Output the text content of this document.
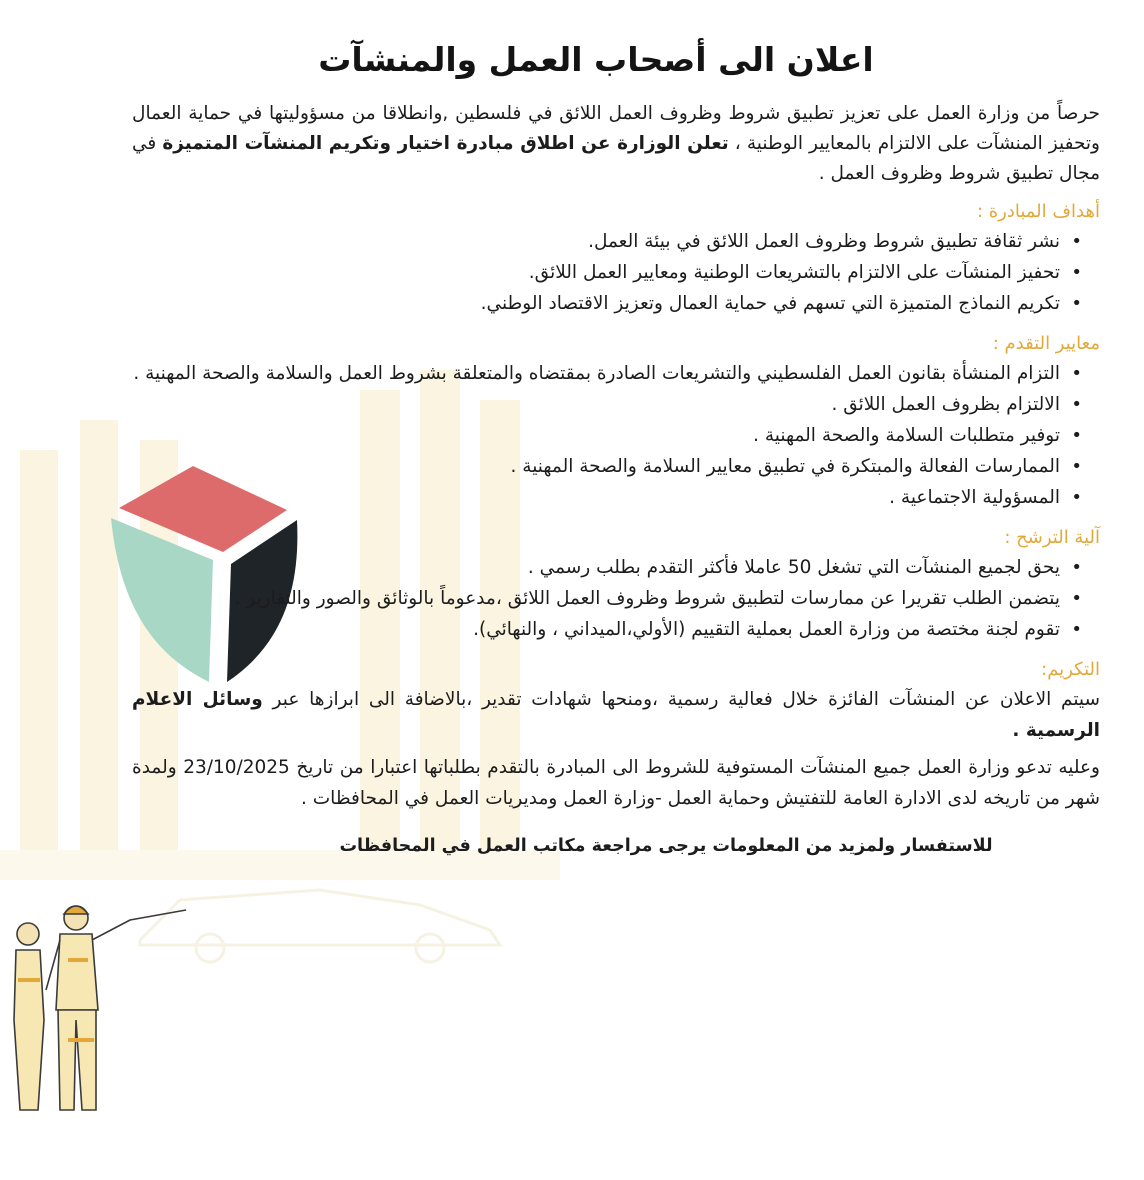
اعلان الى أصحاب العمل والمنشآت

حرصاً من وزارة العمل على تعزيز تطبيق شروط وظروف العمل اللائق في فلسطين ,وانطلاقا من مسؤوليتها في حماية العمال وتحفيز المنشآت على الالتزام بالمعايير الوطنية ، تعلن الوزارة عن اطلاق مبادرة اختيار وتكريم المنشآت المتميزة في مجال تطبيق شروط وظروف العمل .

أهداف المبادرة :
• نشر ثقافة تطبيق شروط وظروف العمل اللائق في بيئة العمل.
• تحفيز المنشآت على الالتزام بالتشريعات الوطنية ومعايير العمل اللائق.
• تكريم النماذج المتميزة التي تسهم في حماية العمال وتعزيز الاقتصاد الوطني.
معايير التقدم :
• التزام المنشأة بقانون العمل الفلسطيني والتشريعات الصادرة بمقتضاه والمتعلقة بشروط العمل والسلامة والصحة المهنية .
• الالتزام بظروف العمل اللائق .
• توفير متطلبات السلامة والصحة المهنية .
• الممارسات الفعالة والمبتكرة في تطبيق معايير السلامة والصحة المهنية .
• المسؤولية الاجتماعية .
آلية الترشح :
• يحق لجميع المنشآت التي تشغل 50 عاملا فأكثر التقدم بطلب رسمي .
• يتضمن الطلب تقريرا عن ممارسات لتطبيق شروط وظروف العمل اللائق ،مدعوماً بالوثائق والصور والتقارير .
• تقوم لجنة مختصة من وزارة العمل بعملية التقييم (الأولي،الميداني ، والنهائي).
التكريم:

سيتم الاعلان عن المنشآت الفائزة خلال فعالية رسمية ،ومنحها شهادات تقدير ،بالاضافة الى ابرازها عبر وسائل الاعلام الرسمية .

وعليه تدعو وزارة العمل جميع المنشآت المستوفية للشروط الى المبادرة بالتقدم بطلباتها اعتبارا من تاريخ 23/10/2025 ولمدة شهر من تاريخه لدى الادارة العامة للتفتيش وحماية العمل -وزارة العمل ومديريات العمل في المحافظات .

للاستفسار ولمزيد من المعلومات يرجى مراجعة مكاتب العمل في المحافظات
